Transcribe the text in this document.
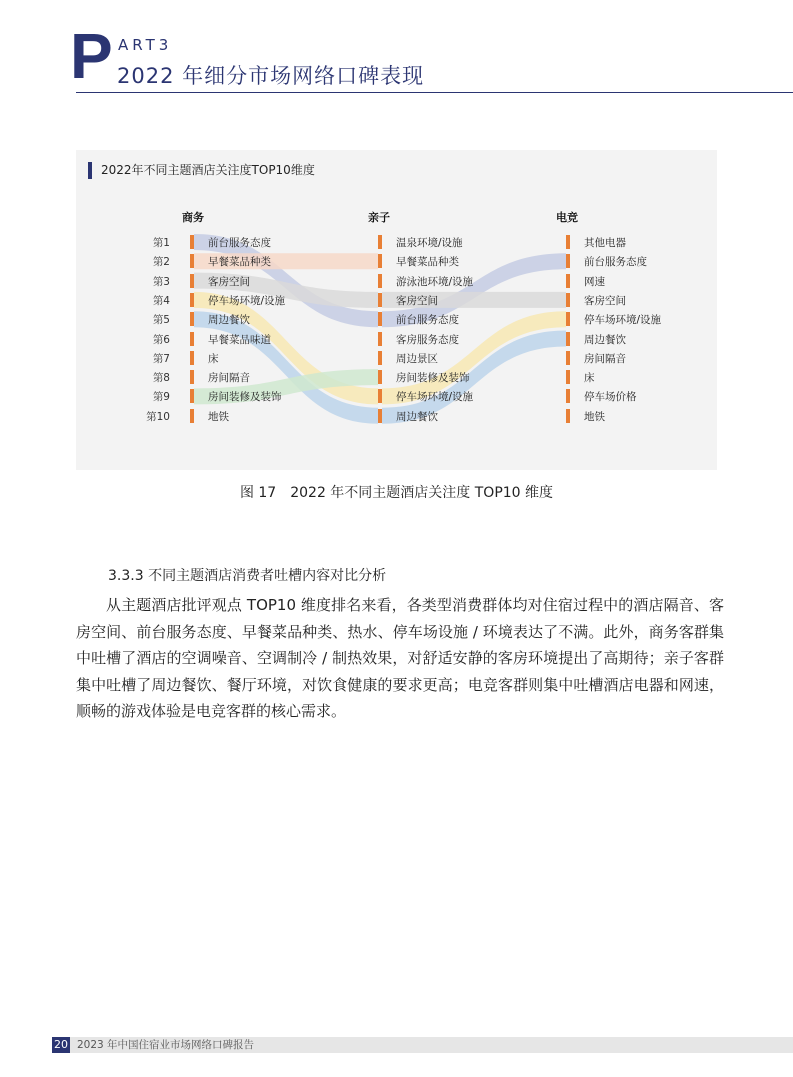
P ART3
2022 年细分市场网络口碑表现
2022年不同主题酒店关注度TOP10维度
第1
第2
第3
第4
第5
第6
第7
第8
第9
第10
商务
前台服务态度
早餐菜品种类
客房空间
停车场环境/设施
周边餐饮
早餐菜品味道
床
房间隔音
房间装修及装饰
地铁
亲子
温泉环境/设施
早餐菜品种类
游泳池环境/设施
客房空间
前台服务态度
客房服务态度
周边景区
房间装修及装饰
停车场环境/设施
周边餐饮
电竞
其他电器
前台服务态度
网速
客房空间
停车场环境/设施
周边餐饮
房间隔音
床
停车场价格
地铁
图 17　2022 年不同主题酒店关注度 TOP10 维度
3.3.3 不同主题酒店消费者吐槽内容对比分析
从主题酒店批评观点 TOP10 维度排名来看，各类型消费群体均对住宿过程中的酒店隔音、客房空间、前台服务态度、早餐菜品种类、热水、停车场设施 / 环境表达了不满。此外，商务客群集中吐槽了酒店的空调噪音、空调制冷 / 制热效果，对舒适安静的客房环境提出了高期待；亲子客群集中吐槽了周边餐饮、餐厅环境，对饮食健康的要求更高；电竞客群则集中吐槽酒店电器和网速，顺畅的游戏体验是电竞客群的核心需求。
20 2023 年中国住宿业市场网络口碑报告
